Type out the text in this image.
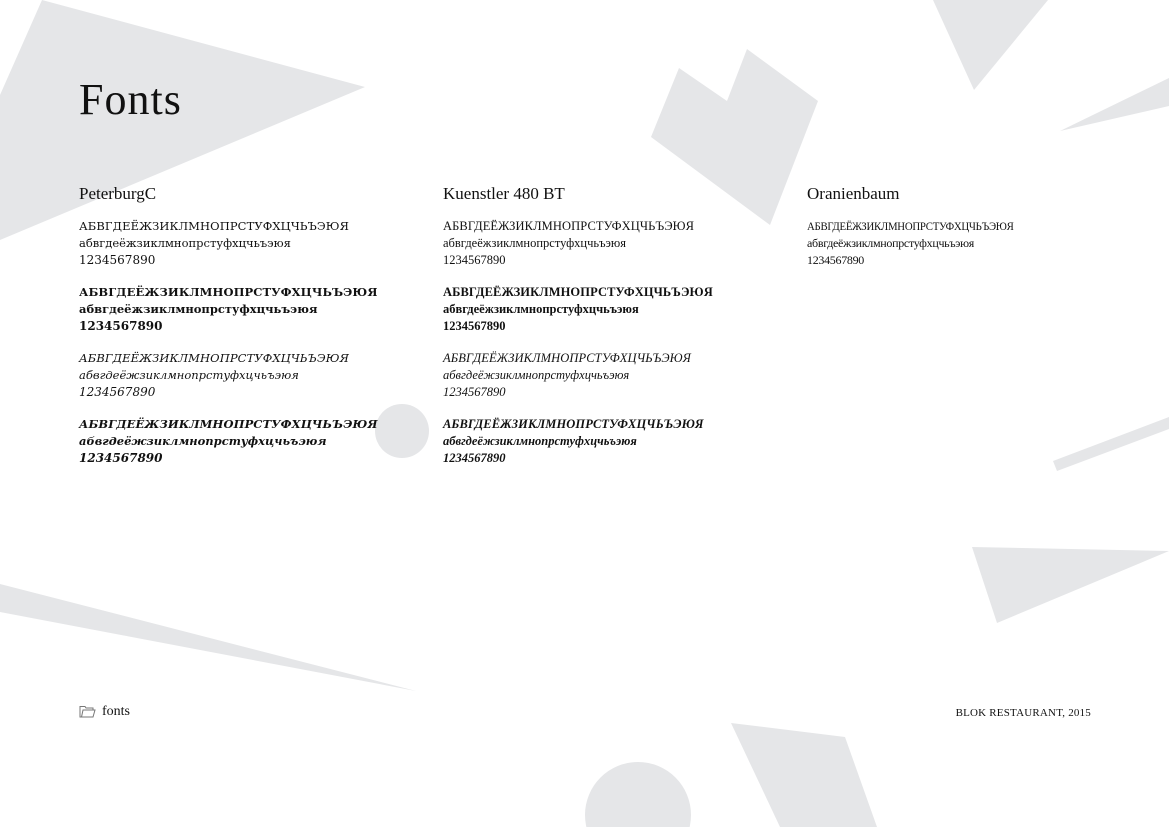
Fonts
PeterburgC
АБВГДЕЁЖЗИКЛМНОПРСТУФХЦЧЬЪЭЮЯ
абвгдеёжзиклмнопрстуфхцчьъэюя
1234567890
АБВГДЕЁЖЗИКЛМНОПРСТУФХЦЧЬЪЭЮЯ
абвгдеёжзиклмнопрстуфхцчьъэюя
1234567890
АБВГДЕЁЖЗИКЛМНОПРСТУФХЦЧЬЪЭЮЯ
абвгдеёжзиклмнопрстуфхцчьъэюя
1234567890
АБВГДЕЁЖЗИКЛМНОПРСТУФХЦЧЬЪЭЮЯ
абвгдеёжзиклмнопрстуфхцчьъэюя
1234567890
Kuenstler 480 BT
АБВГДЕЁЖЗИКЛМНОПРСТУФХЦЧЬЪЭЮЯ
абвгдеёжзиклмнопрстуфхцчьъэюя
1234567890
АБВГДЕЁЖЗИКЛМНОПРСТУФХЦЧЬЪЭЮЯ
абвгдеёжзиклмнопрстуфхцчьъэюя
1234567890
АБВГДЕЁЖЗИКЛМНОПРСТУФХЦЧЬЪЭЮЯ
абвгдеёжзиклмнопрстуфхцчьъэюя
1234567890
АБВГДЕЁЖЗИКЛМНОПРСТУФХЦЧЬЪЭЮЯ
абвгдеёжзиклмнопрстуфхцчьъэюя
1234567890
Oranienbaum
АБВГДЕЁЖЗИКЛМНОПРСТУФХЦЧЬЪЭЮЯ
абвгдеёжзиклмнопрстуфхцчьъэюя
1234567890
fonts	BLOK RESTAURANT, 2015
